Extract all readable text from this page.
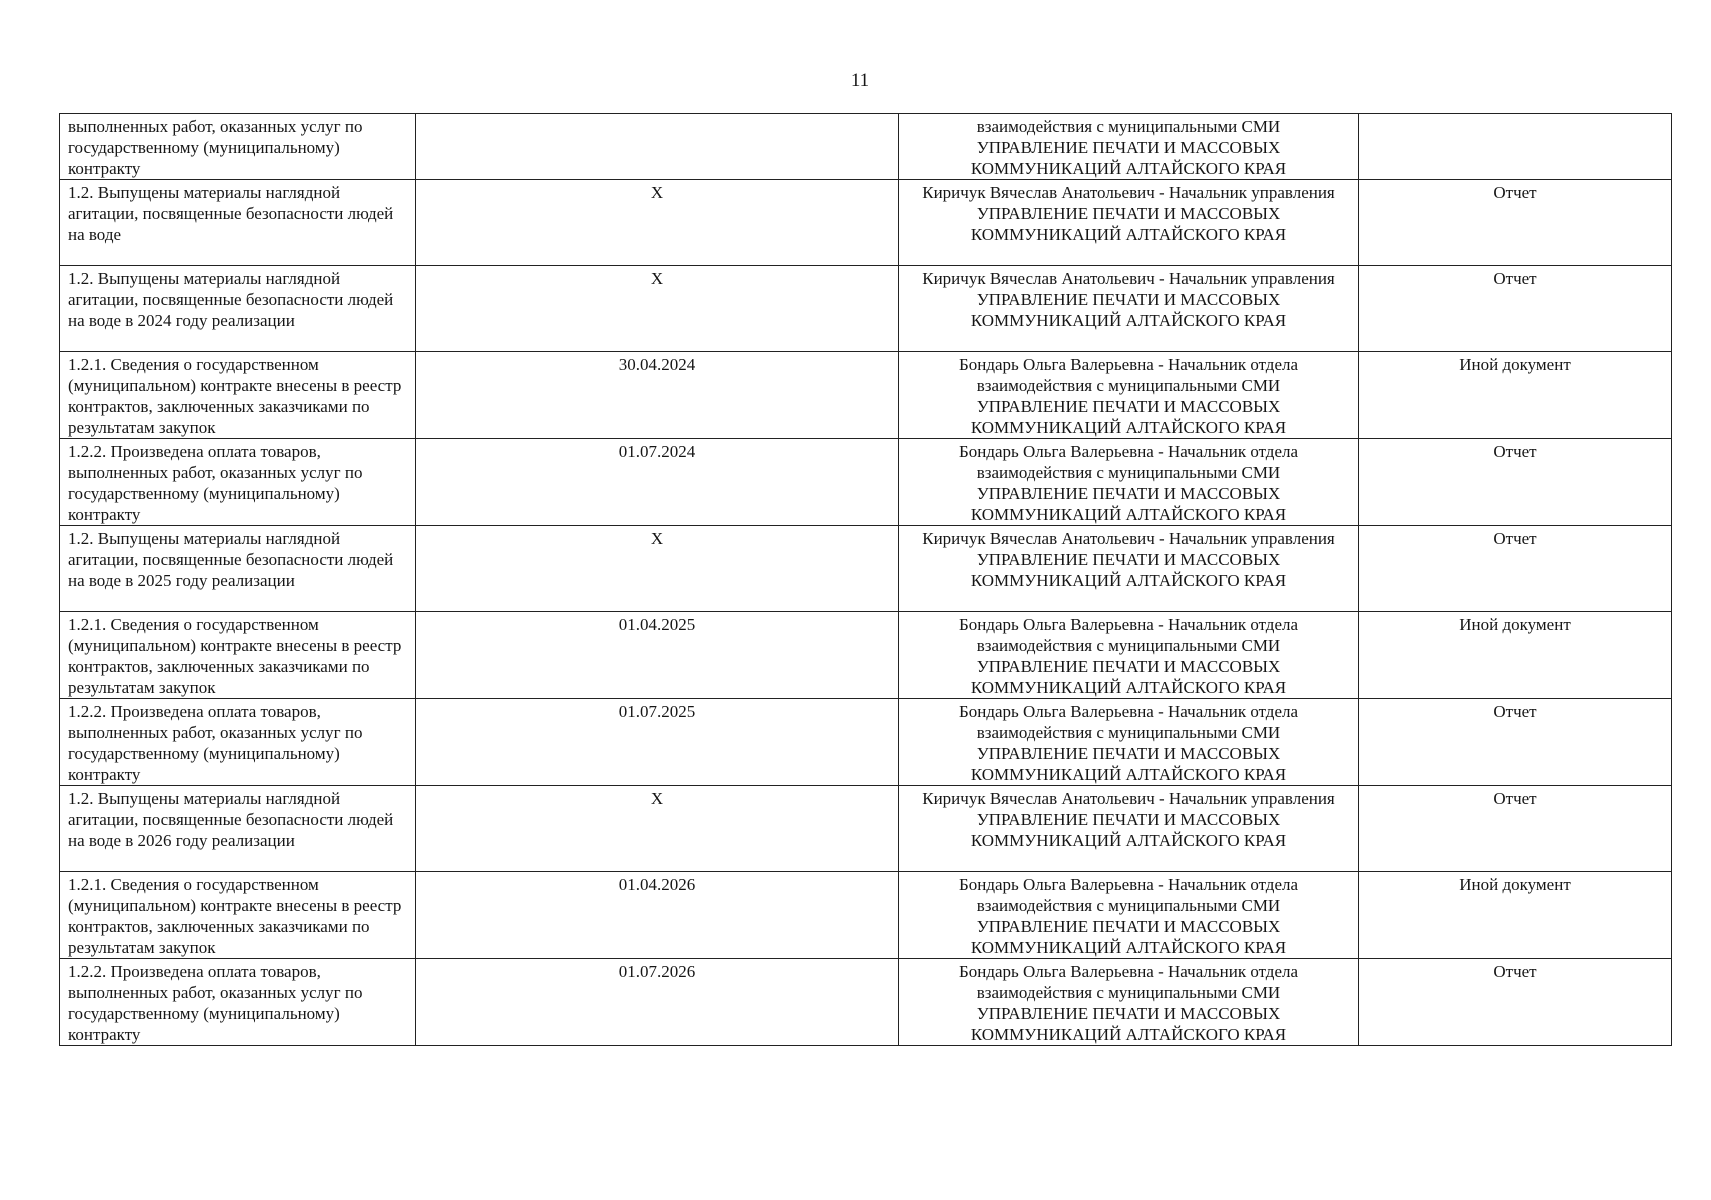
11
выполненных работ, оказанных услуг по государственному (муниципальному) контракту		взаимодействия с муниципальными СМИ
УПРАВЛЕНИЕ ПЕЧАТИ И МАССОВЫХ КОММУНИКАЦИЙ АЛТАЙСКОГО КРАЯ	

1.2. Выпущены материалы наглядной агитации, посвященные безопасности людей на воде	X	Киричук Вячеслав Анатольевич - Начальник управления
УПРАВЛЕНИЕ ПЕЧАТИ И МАССОВЫХ КОММУНИКАЦИЙ АЛТАЙСКОГО КРАЯ	Отчет
1.2. Выпущены материалы наглядной агитации, посвященные безопасности людей на воде в 2024 году реализации	X	Киричук Вячеслав Анатольевич - Начальник управления
УПРАВЛЕНИЕ ПЕЧАТИ И МАССОВЫХ КОММУНИКАЦИЙ АЛТАЙСКОГО КРАЯ	Отчет
1.2.1. Сведения о государственном (муниципальном) контракте внесены в реестр контрактов, заключенных заказчиками по результатам закупок	30.04.2024	Бондарь Ольга Валерьевна - Начальник отдела взаимодействия с муниципальными СМИ
УПРАВЛЕНИЕ ПЕЧАТИ И МАССОВЫХ КОММУНИКАЦИЙ АЛТАЙСКОГО КРАЯ	Иной документ
1.2.2. Произведена оплата товаров, выполненных работ, оказанных услуг по государственному (муниципальному) контракту	01.07.2024	Бондарь Ольга Валерьевна - Начальник отдела взаимодействия с муниципальными СМИ
УПРАВЛЕНИЕ ПЕЧАТИ И МАССОВЫХ КОММУНИКАЦИЙ АЛТАЙСКОГО КРАЯ	Отчет
1.2. Выпущены материалы наглядной агитации, посвященные безопасности людей на воде в 2025 году реализации	X	Киричук Вячеслав Анатольевич - Начальник управления
УПРАВЛЕНИЕ ПЕЧАТИ И МАССОВЫХ КОММУНИКАЦИЙ АЛТАЙСКОГО КРАЯ	Отчет
1.2.1. Сведения о государственном (муниципальном) контракте внесены в реестр контрактов, заключенных заказчиками по результатам закупок	01.04.2025	Бондарь Ольга Валерьевна - Начальник отдела взаимодействия с муниципальными СМИ
УПРАВЛЕНИЕ ПЕЧАТИ И МАССОВЫХ КОММУНИКАЦИЙ АЛТАЙСКОГО КРАЯ	Иной документ
1.2.2. Произведена оплата товаров, выполненных работ, оказанных услуг по государственному (муниципальному) контракту	01.07.2025	Бондарь Ольга Валерьевна - Начальник отдела взаимодействия с муниципальными СМИ
УПРАВЛЕНИЕ ПЕЧАТИ И МАССОВЫХ КОММУНИКАЦИЙ АЛТАЙСКОГО КРАЯ	Отчет
1.2. Выпущены материалы наглядной агитации, посвященные безопасности людей на воде в 2026 году реализации	X	Киричук Вячеслав Анатольевич - Начальник управления
УПРАВЛЕНИЕ ПЕЧАТИ И МАССОВЫХ КОММУНИКАЦИЙ АЛТАЙСКОГО КРАЯ	Отчет
1.2.1. Сведения о государственном (муниципальном) контракте внесены в реестр контрактов, заключенных заказчиками по результатам закупок	01.04.2026	Бондарь Ольга Валерьевна - Начальник отдела взаимодействия с муниципальными СМИ
УПРАВЛЕНИЕ ПЕЧАТИ И МАССОВЫХ КОММУНИКАЦИЙ АЛТАЙСКОГО КРАЯ	Иной документ
1.2.2. Произведена оплата товаров, выполненных работ, оказанных услуг по государственному (муниципальному) контракту	01.07.2026	Бондарь Ольга Валерьевна - Начальник отдела взаимодействия с муниципальными СМИ
УПРАВЛЕНИЕ ПЕЧАТИ И МАССОВЫХ КОММУНИКАЦИЙ АЛТАЙСКОГО КРАЯ	Отчет
